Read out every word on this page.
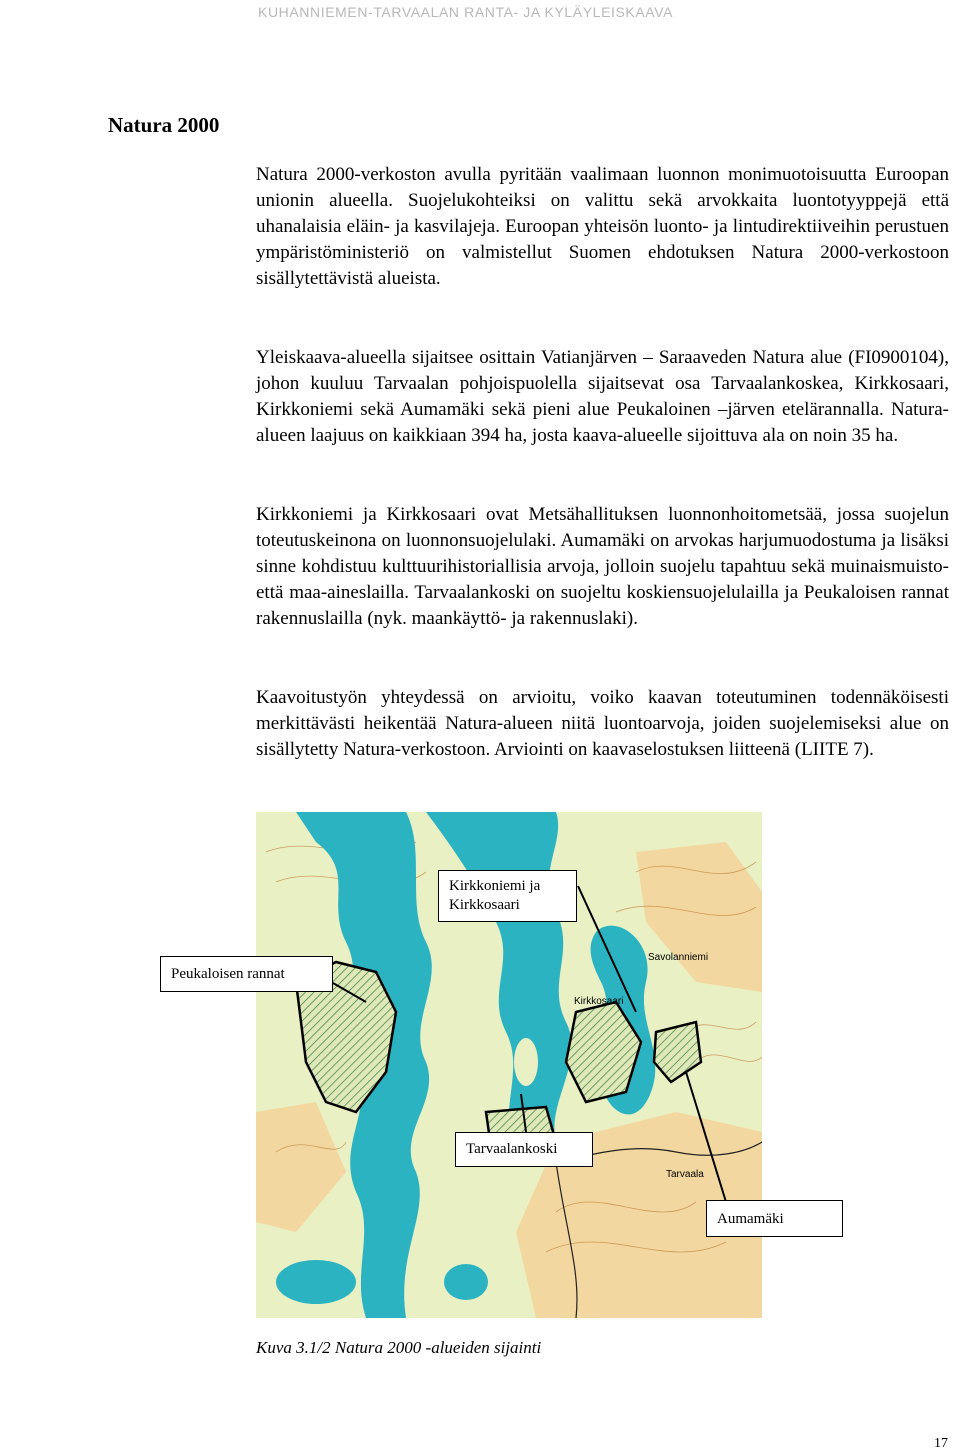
KUHANNIEMEN-TARVAALAN RANTA- JA KYLÄYLEISKAAVA
Natura 2000

Natura 2000-verkoston avulla pyritään vaalimaan luonnon monimuotoisuutta Euroopan unionin alueella. Suojelukohteiksi on valittu sekä arvokkaita luontotyyppejä että uhanalaisia eläin- ja kasvilajeja. Euroopan yhteisön luonto- ja lintudirektiiveihin perustuen ympäristöministeriö on valmistellut Suomen ehdotuksen Natura 2000-verkostoon sisällytettävistä alueista.

Yleiskaava-alueella sijaitsee osittain Vatianjärven – Saraaveden Natura alue (FI0900104), johon kuuluu Tarvaalan pohjoispuolella sijaitsevat osa Tarvaalankoskea, Kirkkosaari, Kirkkoniemi sekä Aumamäki sekä pieni alue Peukaloinen –järven etelärannalla. Natura-alueen laajuus on kaikkiaan 394 ha, josta kaava-alueelle sijoittuva ala on noin 35 ha.

Kirkkoniemi ja Kirkkosaari ovat Metsähallituksen luonnonhoitometsää, jossa suojelun toteutuskeinona on luonnonsuojelulaki. Aumamäki on arvokas harjumuodostuma ja lisäksi sinne kohdistuu kulttuurihistoriallisia arvoja, jolloin suojelu tapahtuu sekä muinaismuisto- että maa-aineslailla. Tarvaalankoski on suojeltu koskiensuojelulailla ja Peukaloisen rannat rakennuslailla (nyk. maankäyttö- ja rakennuslaki).

Kaavoitustyön yhteydessä on arvioitu, voiko kaavan toteutuminen todennäköisesti merkittävästi heikentää Natura-alueen niitä luontoarvoja, joiden suojelemiseksi alue on sisällytetty Natura-verkostoon. Arviointi on kaavaselostuksen liitteenä (LIITE 7).

Savolanniemi
Kirkkosaari
Tarvaala
Kirkkoniemi ja Kirkkosaari
Peukaloisen rannat
Tarvaalankoski
Aumamäki

Kuva 3.1/2 Natura 2000 -alueiden sijainti

17
